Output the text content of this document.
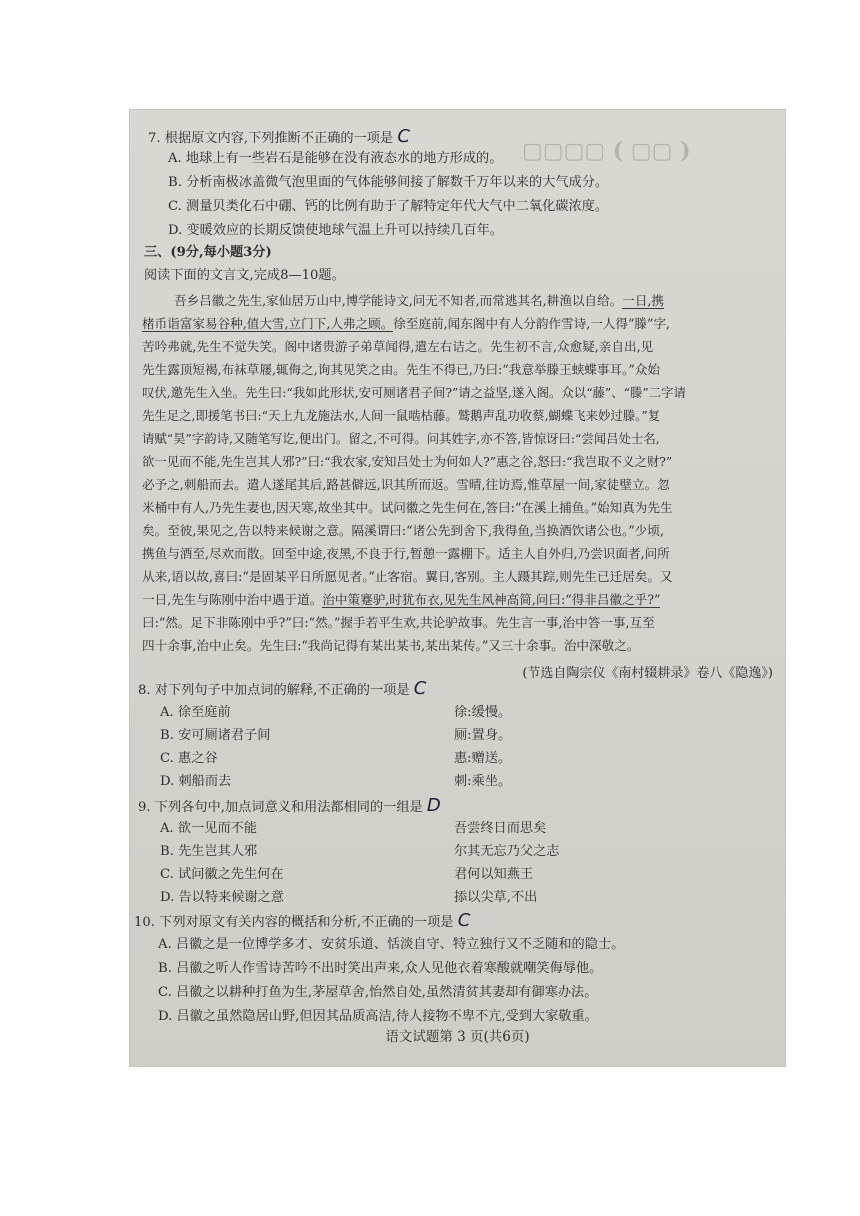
▢▢▢▢ ( ▢▢ )
7. 根据原文内容,下列推断不正确的一项是 C
A. 地球上有一些岩石是能够在没有液态水的地方形成的。
B. 分析南极冰盖微气泡里面的气体能够间接了解数千万年以来的大气成分。
C. 测量贝类化石中硼、钙的比例有助于了解特定年代大气中二氧化碳浓度。
D. 变暖效应的长期反馈使地球气温上升可以持续几百年。
三、(9分,每小题3分)
阅读下面的文言文,完成8—10题。
吾乡吕徽之先生,家仙居万山中,博学能诗文,问无不知者,而常逃其名,耕渔以自给。一日,携
楮币诣富家易谷种,值大雪,立门下,人弗之顾。徐至庭前,闻东阁中有人分韵作雪诗,一人得“滕”字,
苦吟弗就,先生不觉失笑。阁中诸贵游子弟草闻得,遣左右诘之。先生初不言,众愈疑,亲自出,见
先生露顶短褐,布袜草屦,辄侮之,询其见笑之由。先生不得已,乃曰:“我意举滕王蛱蝶事耳。”众始
叹伏,邀先生入坐。先生曰:“我如此形状,安可厕诸君子间?”请之益坚,遂入阁。众以“藤”、“滕”二字请
先生足之,即援笔书曰:“天上九龙施法水,人间一鼠啮枯藤。鹫鹅声乱功收蔡,蝴蝶飞来妙过滕。”复
请赋“昊”字韵诗,又随笔写讫,便出门。留之,不可得。问其姓字,亦不答,皆惊讶曰:“尝闻吕处士名,
欲一见而不能,先生岂其人邪?”曰:“我农家,安知吕处士为何如人?”惠之谷,怒曰:“我岂取不义之财?”
必予之,刺船而去。遣人遂尾其后,路甚僻远,识其所而返。雪晴,往访焉,惟草屋一间,家徒壁立。忽
米桶中有人,乃先生妻也,因天寒,故坐其中。试问徽之先生何在,答曰:“在溪上捕鱼。”始知真为先生
矣。至彼,果见之,告以特来候谢之意。隔溪谓曰:“诸公先到舍下,我得鱼,当换酒饮诸公也。”少顷,
携鱼与酒至,尽欢而散。回至中途,夜黑,不良于行,暂憩一露棚下。适主人自外归,乃尝识面者,问所
从来,语以故,喜曰:“是固某平日所愿见者。”止客宿。翼日,客别。主人蹑其踪,则先生已迁居矣。又
一日,先生与陈刚中治中遇于道。治中策蹇驴,时犹布衣,见先生风神高简,问曰:“得非吕徽之乎?”
曰:“然。足下非陈刚中乎?”曰:“然。”握手若平生欢,共论驴故事。先生言一事,治中答一事,互至
四十余事,治中止矣。先生曰:“我尚记得有某出某书,某出某传。”又三十余事。治中深敬之。
(节选自陶宗仪《南村辍耕录》卷八《隐逸》)
8. 对下列句子中加点词的解释,不正确的一项是 C
A. 徐至庭前	徐:缓慢。
B. 安可厕诸君子间	厕:置身。
C. 惠之谷	惠:赠送。
D. 刺船而去	刺:乘坐。
9. 下列各句中,加点词意义和用法都相同的一组是 D
A. 欲一见而不能	吾尝终日而思矣
B. 先生岂其人邪	尔其无忘乃父之志
C. 试问徽之先生何在	君何以知燕王
D. 告以特来候谢之意	掭以尖草,不出
10. 下列对原文有关内容的概括和分析,不正确的一项是 C
A. 吕徽之是一位博学多才、安贫乐道、恬淡自守、特立独行又不乏随和的隐士。
B. 吕徽之听人作雪诗苦吟不出时笑出声来,众人见他衣着寒酸就嘲笑侮辱他。
C. 吕徽之以耕种打鱼为生,茅屋草舍,怡然自处,虽然清贫其妻却有御寒办法。
D. 吕徽之虽然隐居山野,但因其品质高洁,待人接物不卑不亢,受到大家敬重。
语文试题第 3 页(共6页)
